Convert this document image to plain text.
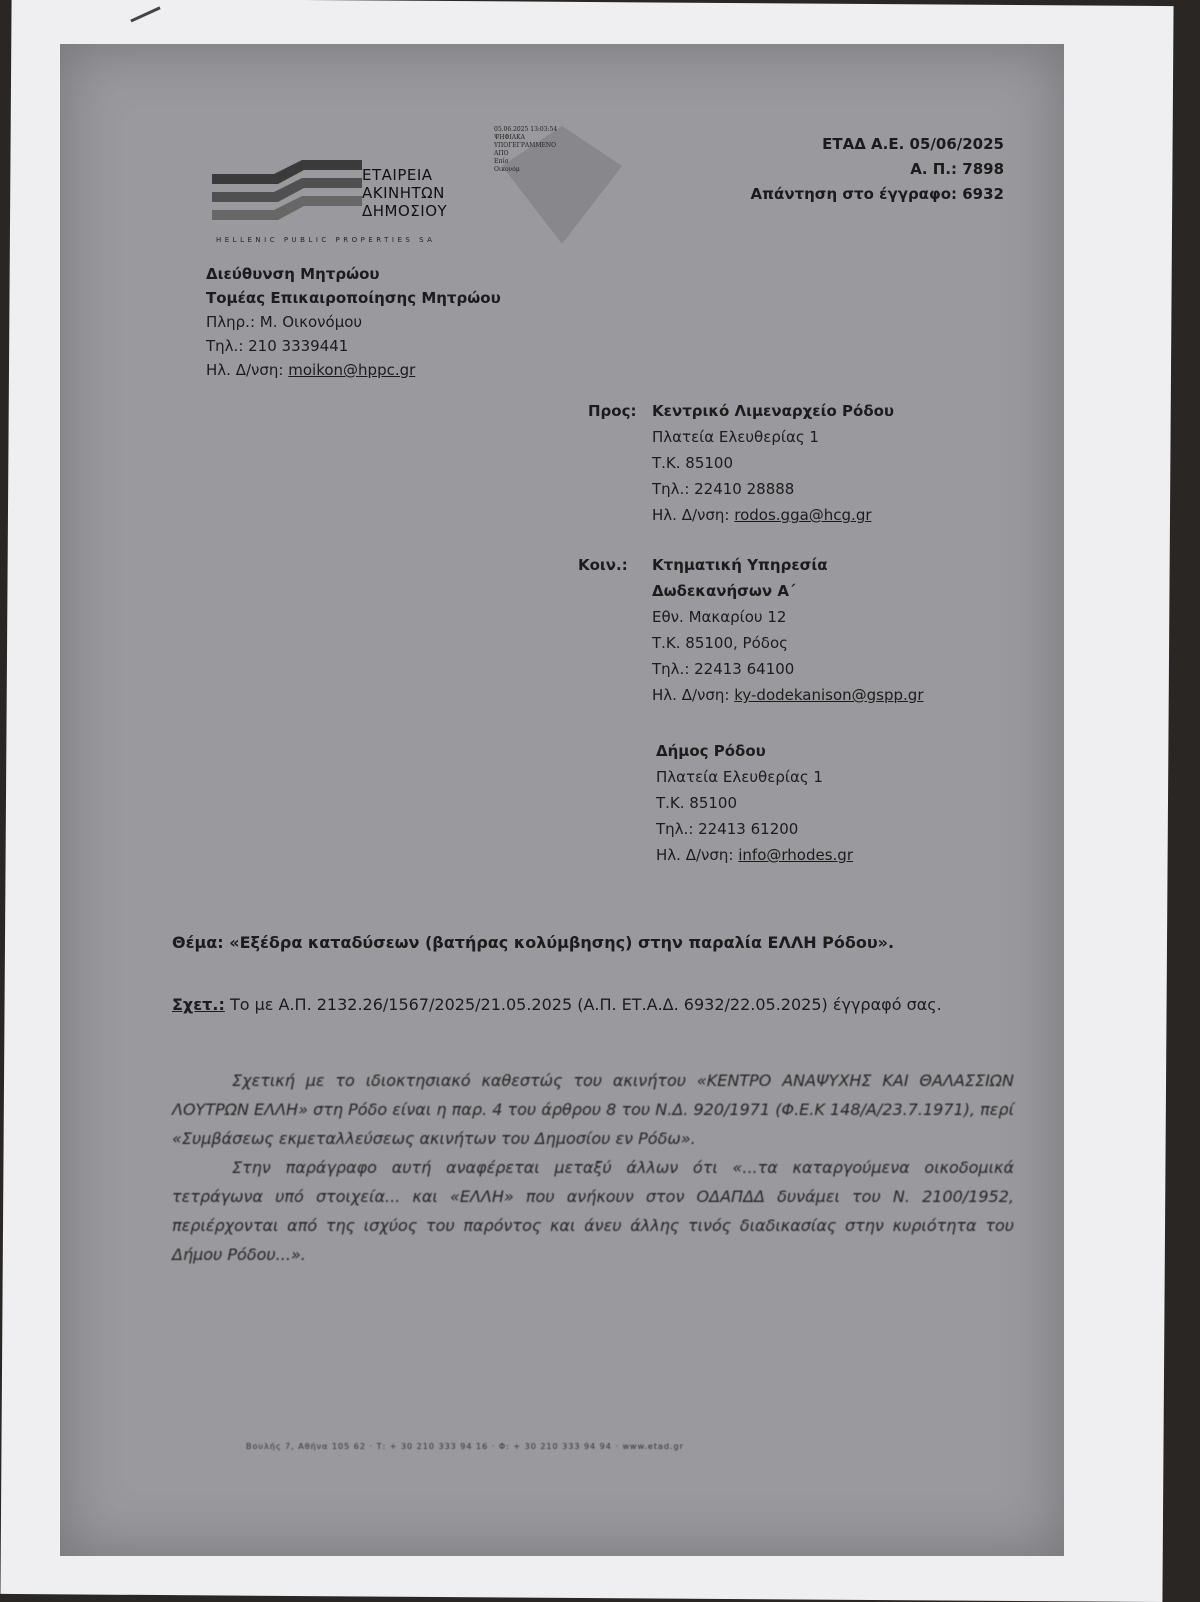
ΕΤΑΙΡΕΙΑ
ΑΚΙΝΗΤΩΝ
ΔΗΜΟΣΙΟΥ
HELLENIC PUBLIC PROPERTIES SA
05.06.2025 13:03:54
ΨΗΦΙΑΚΑ
ΥΠΟΓΕΓΡΑΜΜΕΝΟ
ΑΠΟ
Επίσ
Οικονόμ
ΕΤΑΔ Α.Ε. 05/06/2025
Α. Π.: 7898
Απάντηση στο έγγραφο: 6932
Διεύθυνση Μητρώου
Τομέας Επικαιροποίησης Μητρώου
Πληρ.: Μ. Οικονόμου
Τηλ.: 210 3339441
Ηλ. Δ/νση: moikon@hppc.gr
Προς: Κεντρικό Λιμεναρχείο Ρόδου
Πλατεία Ελευθερίας 1
Τ.Κ. 85100
Τηλ.: 22410 28888
Ηλ. Δ/νση: rodos.gga@hcg.gr
Κοιν.: Κτηματική Υπηρεσία
Δωδεκανήσων Α΄
Εθν. Μακαρίου 12
Τ.Κ. 85100, Ρόδος
Τηλ.: 22413 64100
Ηλ. Δ/νση: ky-dodekanison@gspp.gr
Δήμος Ρόδου
Πλατεία Ελευθερίας 1
Τ.Κ. 85100
Τηλ.: 22413 61200
Ηλ. Δ/νση: info@rhodes.gr
Θέμα: «Εξέδρα καταδύσεων (βατήρας κολύμβησης) στην παραλία ΕΛΛΗ Ρόδου».
Σχετ.: Το με Α.Π. 2132.26/1567/2025/21.05.2025 (Α.Π. ΕΤ.Α.Δ. 6932/22.05.2025) έγγραφό σας.

Σχετική με το ιδιοκτησιακό καθεστώς του ακινήτου «ΚΕΝΤΡΟ ΑΝΑΨΥΧΗΣ ΚΑΙ ΘΑΛΑΣΣΙΩΝ ΛΟΥΤΡΩΝ ΕΛΛΗ» στη Ρόδο είναι η παρ. 4 του άρθρου 8 του Ν.Δ. 920/1971 (Φ.Ε.Κ 148/Α/23.7.1971), περί «Συμβάσεως εκμεταλλεύσεως ακινήτων του Δημοσίου εν Ρόδω».

Στην παράγραφο αυτή αναφέρεται μεταξύ άλλων ότι «...τα καταργούμενα οικοδομικά τετράγωνα υπό στοιχεία... και «ΕΛΛΗ» που ανήκουν στον ΟΔΑΠΔΔ δυνάμει του Ν. 2100/1952, περιέρχονται από της ισχύος του παρόντος και άνευ άλλης τινός διαδικασίας στην κυριότητα του Δήμου Ρόδου...».

Βουλής 7, Αθήνα 105 62 · Τ: + 30 210 333 94 16 · Φ: + 30 210 333 94 94 · www.etad.gr
